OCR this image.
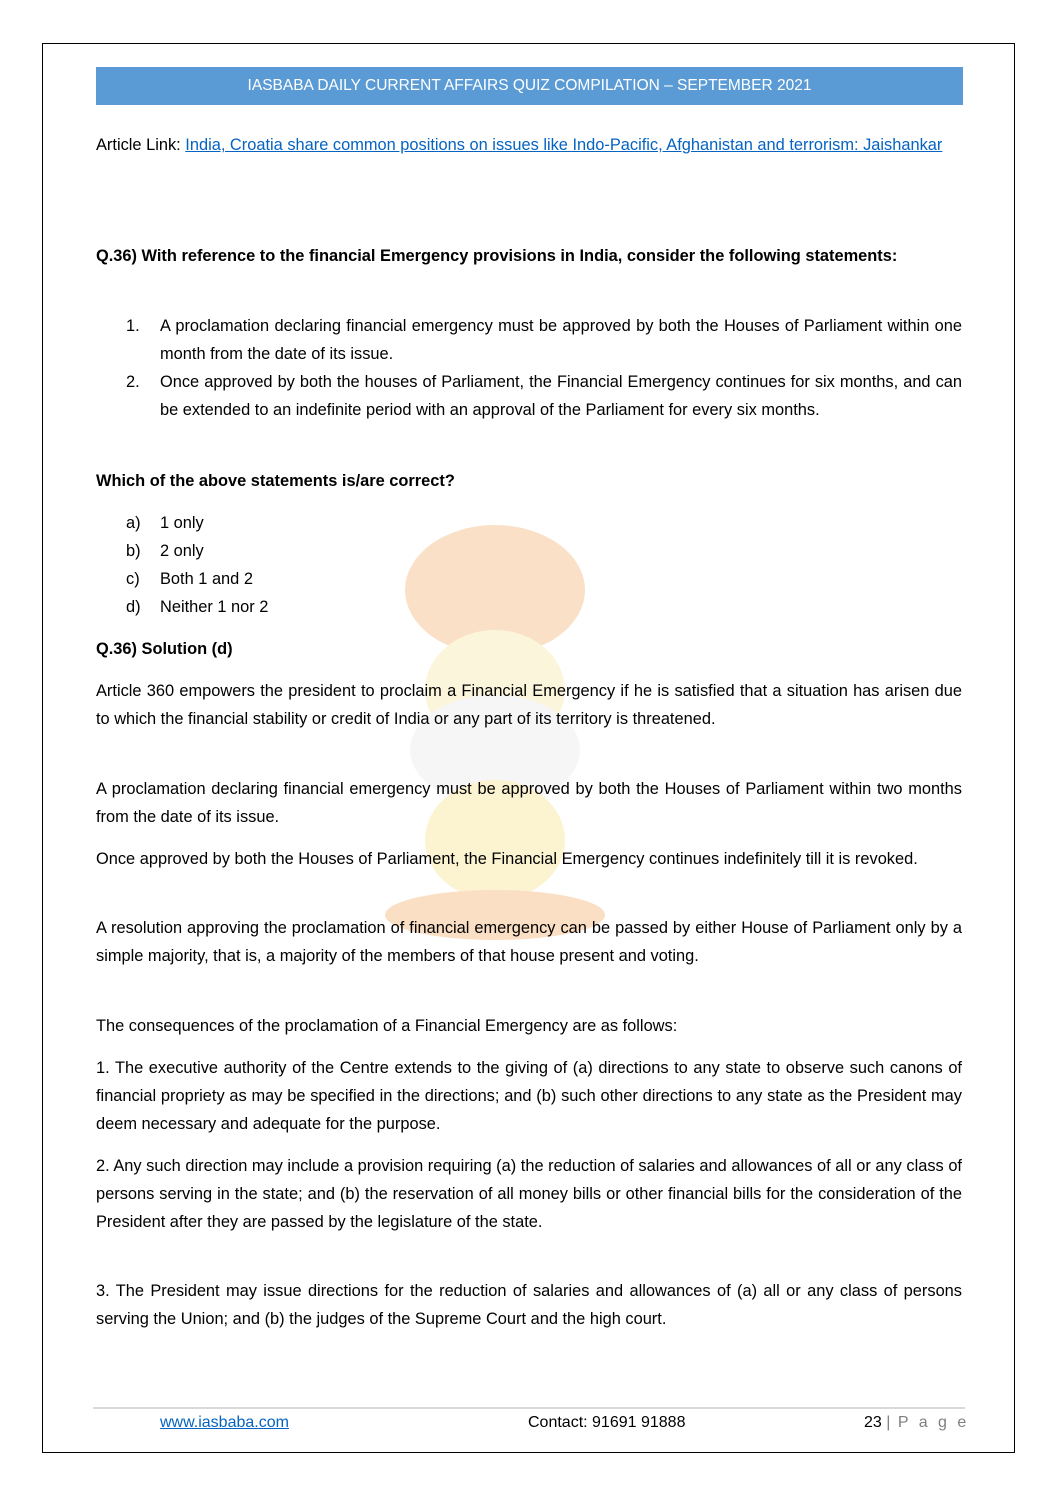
IASBABA DAILY CURRENT AFFAIRS QUIZ COMPILATION – SEPTEMBER 2021
Article Link: India, Croatia share common positions on issues like Indo-Pacific, Afghanistan and terrorism: Jaishankar
Q.36) With reference to the financial Emergency provisions in India, consider the following statements:
1. A proclamation declaring financial emergency must be approved by both the Houses of Parliament within one month from the date of its issue.
2. Once approved by both the houses of Parliament, the Financial Emergency continues for six months, and can be extended to an indefinite period with an approval of the Parliament for every six months.
Which of the above statements is/are correct?
a) 1 only
b) 2 only
c) Both 1 and 2
d) Neither 1 nor 2
Q.36) Solution (d)
Article 360 empowers the president to proclaim a Financial Emergency if he is satisfied that a situation has arisen due to which the financial stability or credit of India or any part of its territory is threatened.
A proclamation declaring financial emergency must be approved by both the Houses of Parliament within two months from the date of its issue.
Once approved by both the Houses of Parliament, the Financial Emergency continues indefinitely till it is revoked.
A resolution approving the proclamation of financial emergency can be passed by either House of Parliament only by a simple majority, that is, a majority of the members of that house present and voting.
The consequences of the proclamation of a Financial Emergency are as follows:
1. The executive authority of the Centre extends to the giving of (a) directions to any state to observe such canons of financial propriety as may be specified in the directions; and (b) such other directions to any state as the President may deem necessary and adequate for the purpose.
2. Any such direction may include a provision requiring (a) the reduction of salaries and allowances of all or any class of persons serving in the state; and (b) the reservation of all money bills or other financial bills for the consideration of the President after they are passed by the legislature of the state.
3. The President may issue directions for the reduction of salaries and allowances of (a) all or any class of persons serving the Union; and (b) the judges of the Supreme Court and the high court.
www.iasbaba.com	Contact: 91691 91888	23 | P a g e
